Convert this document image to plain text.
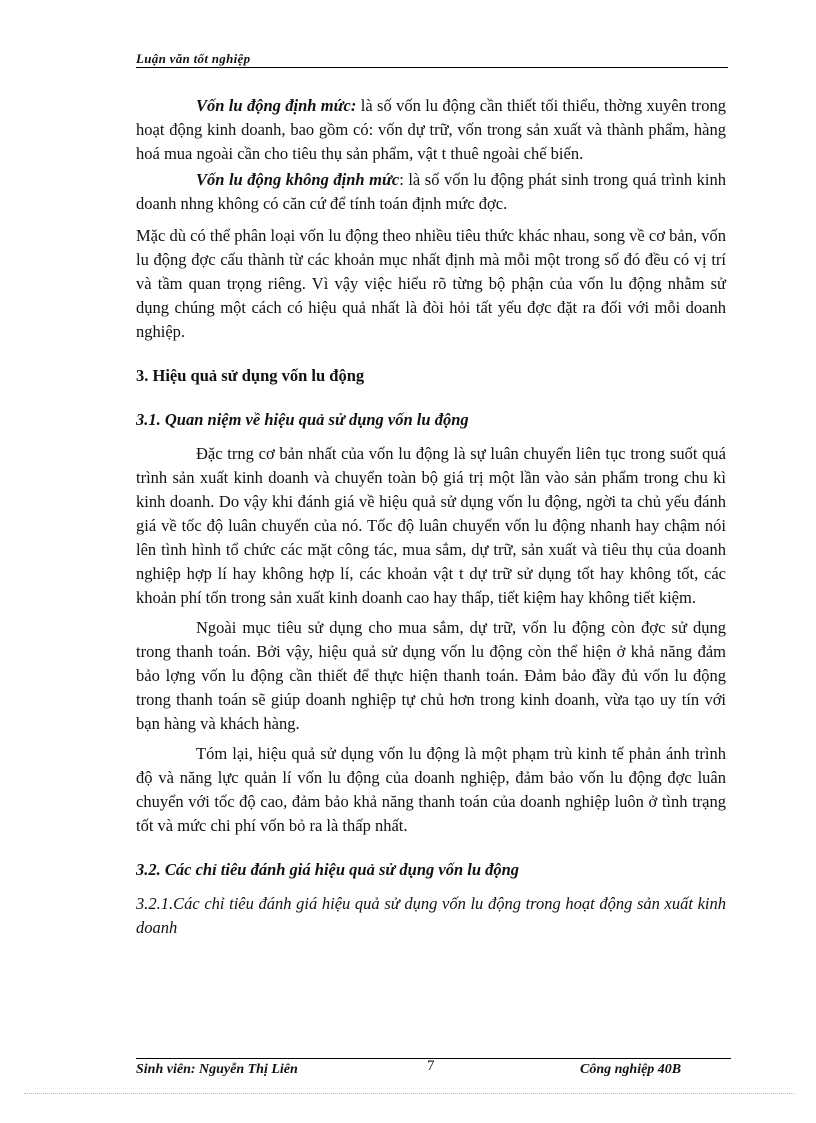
Luận văn tốt nghiệp

Vốn lu động định mức: là số vốn lu động cần thiết tối thiểu, thờng xuyên trong hoạt động kinh doanh, bao gồm có: vốn dự trữ, vốn trong sản xuất và thành phẩm, hàng hoá mua ngoài cần cho tiêu thụ sản phẩm, vật t thuê ngoài chế biến.

Vốn lu động không định mức: là số vốn lu động phát sinh trong quá trình kinh doanh nhng không có căn cứ để tính toán định mức đợc.

Mặc dù có thể phân loại vốn lu động theo nhiều tiêu thức khác nhau, song về cơ bản, vốn lu động đợc cấu thành từ các khoản mục nhất định mà mỗi một trong số đó đều có vị trí và tầm quan trọng riêng. Vì vậy việc hiểu rõ từng bộ phận của vốn lu động nhằm sử dụng chúng một cách có hiệu quả nhất là đòi hỏi tất yếu đợc đặt ra đối với mỗi doanh nghiệp.

3. Hiệu quả sử dụng vốn lu động

3.1. Quan niệm về hiệu quả sử dụng vốn lu động

Đặc trng cơ bản nhất của vốn lu động là sự luân chuyển liên tục trong suốt quá trình sản xuất kinh doanh và chuyển toàn bộ giá trị một lần vào sản phẩm trong chu kì kinh doanh. Do vậy khi đánh giá về hiệu quả sử dụng vốn lu động, ngời ta chủ yếu đánh giá về tốc độ luân chuyển của nó. Tốc độ luân chuyển vốn lu động nhanh hay chậm nói lên tình hình tổ chức các mặt công tác, mua sắm, dự trữ, sản xuất và tiêu thụ của doanh nghiệp hợp lí hay không hợp lí, các khoản vật t dự trữ sử dụng tốt hay không tốt, các khoản phí tổn trong sản xuất kinh doanh cao hay thấp, tiết kiệm hay không tiết kiệm.

Ngoài mục tiêu sử dụng cho mua sắm, dự trữ, vốn lu động còn đợc sử dụng trong thanh toán. Bởi vậy, hiệu quả sử dụng vốn lu động còn thể hiện ở khả năng đảm bảo lợng vốn lu động cần thiết để thực hiện thanh toán. Đảm bảo đầy đủ vốn lu động trong thanh toán sẽ giúp doanh nghiệp tự chủ hơn trong kinh doanh, vừa tạo uy tín với bạn hàng và khách hàng.

Tóm lại, hiệu quả sử dụng vốn lu động là một phạm trù kinh tế phản ánh trình độ và năng lực quản lí vốn lu động của doanh nghiệp, đảm bảo vốn lu động đợc luân chuyển với tốc độ cao, đảm bảo khả năng thanh toán của doanh nghiệp luôn ở tình trạng tốt và mức chi phí vốn bỏ ra là thấp nhất.

3.2. Các chỉ tiêu đánh giá hiệu quả sử dụng vốn lu động

3.2.1.Các chỉ tiêu đánh giá hiệu quả sử dụng vốn lu động trong hoạt động sản xuất kinh doanh

Sinh viên: Nguyễn Thị Liên	7	Công nghiệp 40B
